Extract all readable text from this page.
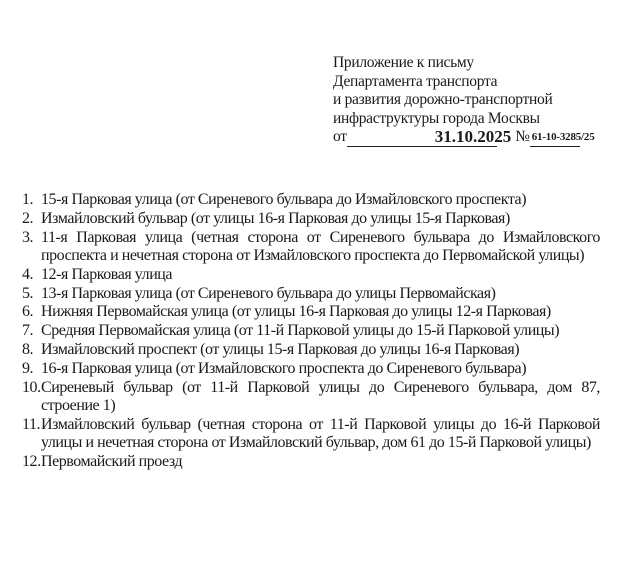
Приложение к письму
Департамента транспорта
и развития дорожно-транспортной
инфраструктуры города Москвы
от	31.10.2025 № 61-10-3285/25
1. 15-я Парковая улица (от Сиреневого бульвара до Измайловского проспекта)
2. Измайловский бульвар (от улицы 16-я Парковая до улицы 15-я Парковая)
3. 11-я Парковая улица (четная сторона от Сиреневого бульвара до Измайловского проспекта и нечетная сторона от Измайловского проспекта до Первомайской улицы)
4. 12-я Парковая улица
5. 13-я Парковая улица (от Сиреневого бульвара до улицы Первомайская)
6. Нижняя Первомайская улица (от улицы 16-я Парковая до улицы 12-я Парковая)
7. Средняя Первомайская улица (от 11-й Парковой улицы до 15-й Парковой улицы)
8. Измайловский проспект (от улицы 15-я Парковая до улицы 16-я Парковая)
9. 16-я Парковая улица (от Измайловского проспекта до Сиреневого бульвара)
10. Сиреневый бульвар (от 11-й Парковой улицы до Сиреневого бульвара, дом 87, строение 1)
11. Измайловский бульвар (четная сторона от 11-й Парковой улицы до 16-й Парковой улицы и нечетная сторона от Измайловский бульвар, дом 61 до 15-й Парковой улицы)
12. Первомайский проезд
